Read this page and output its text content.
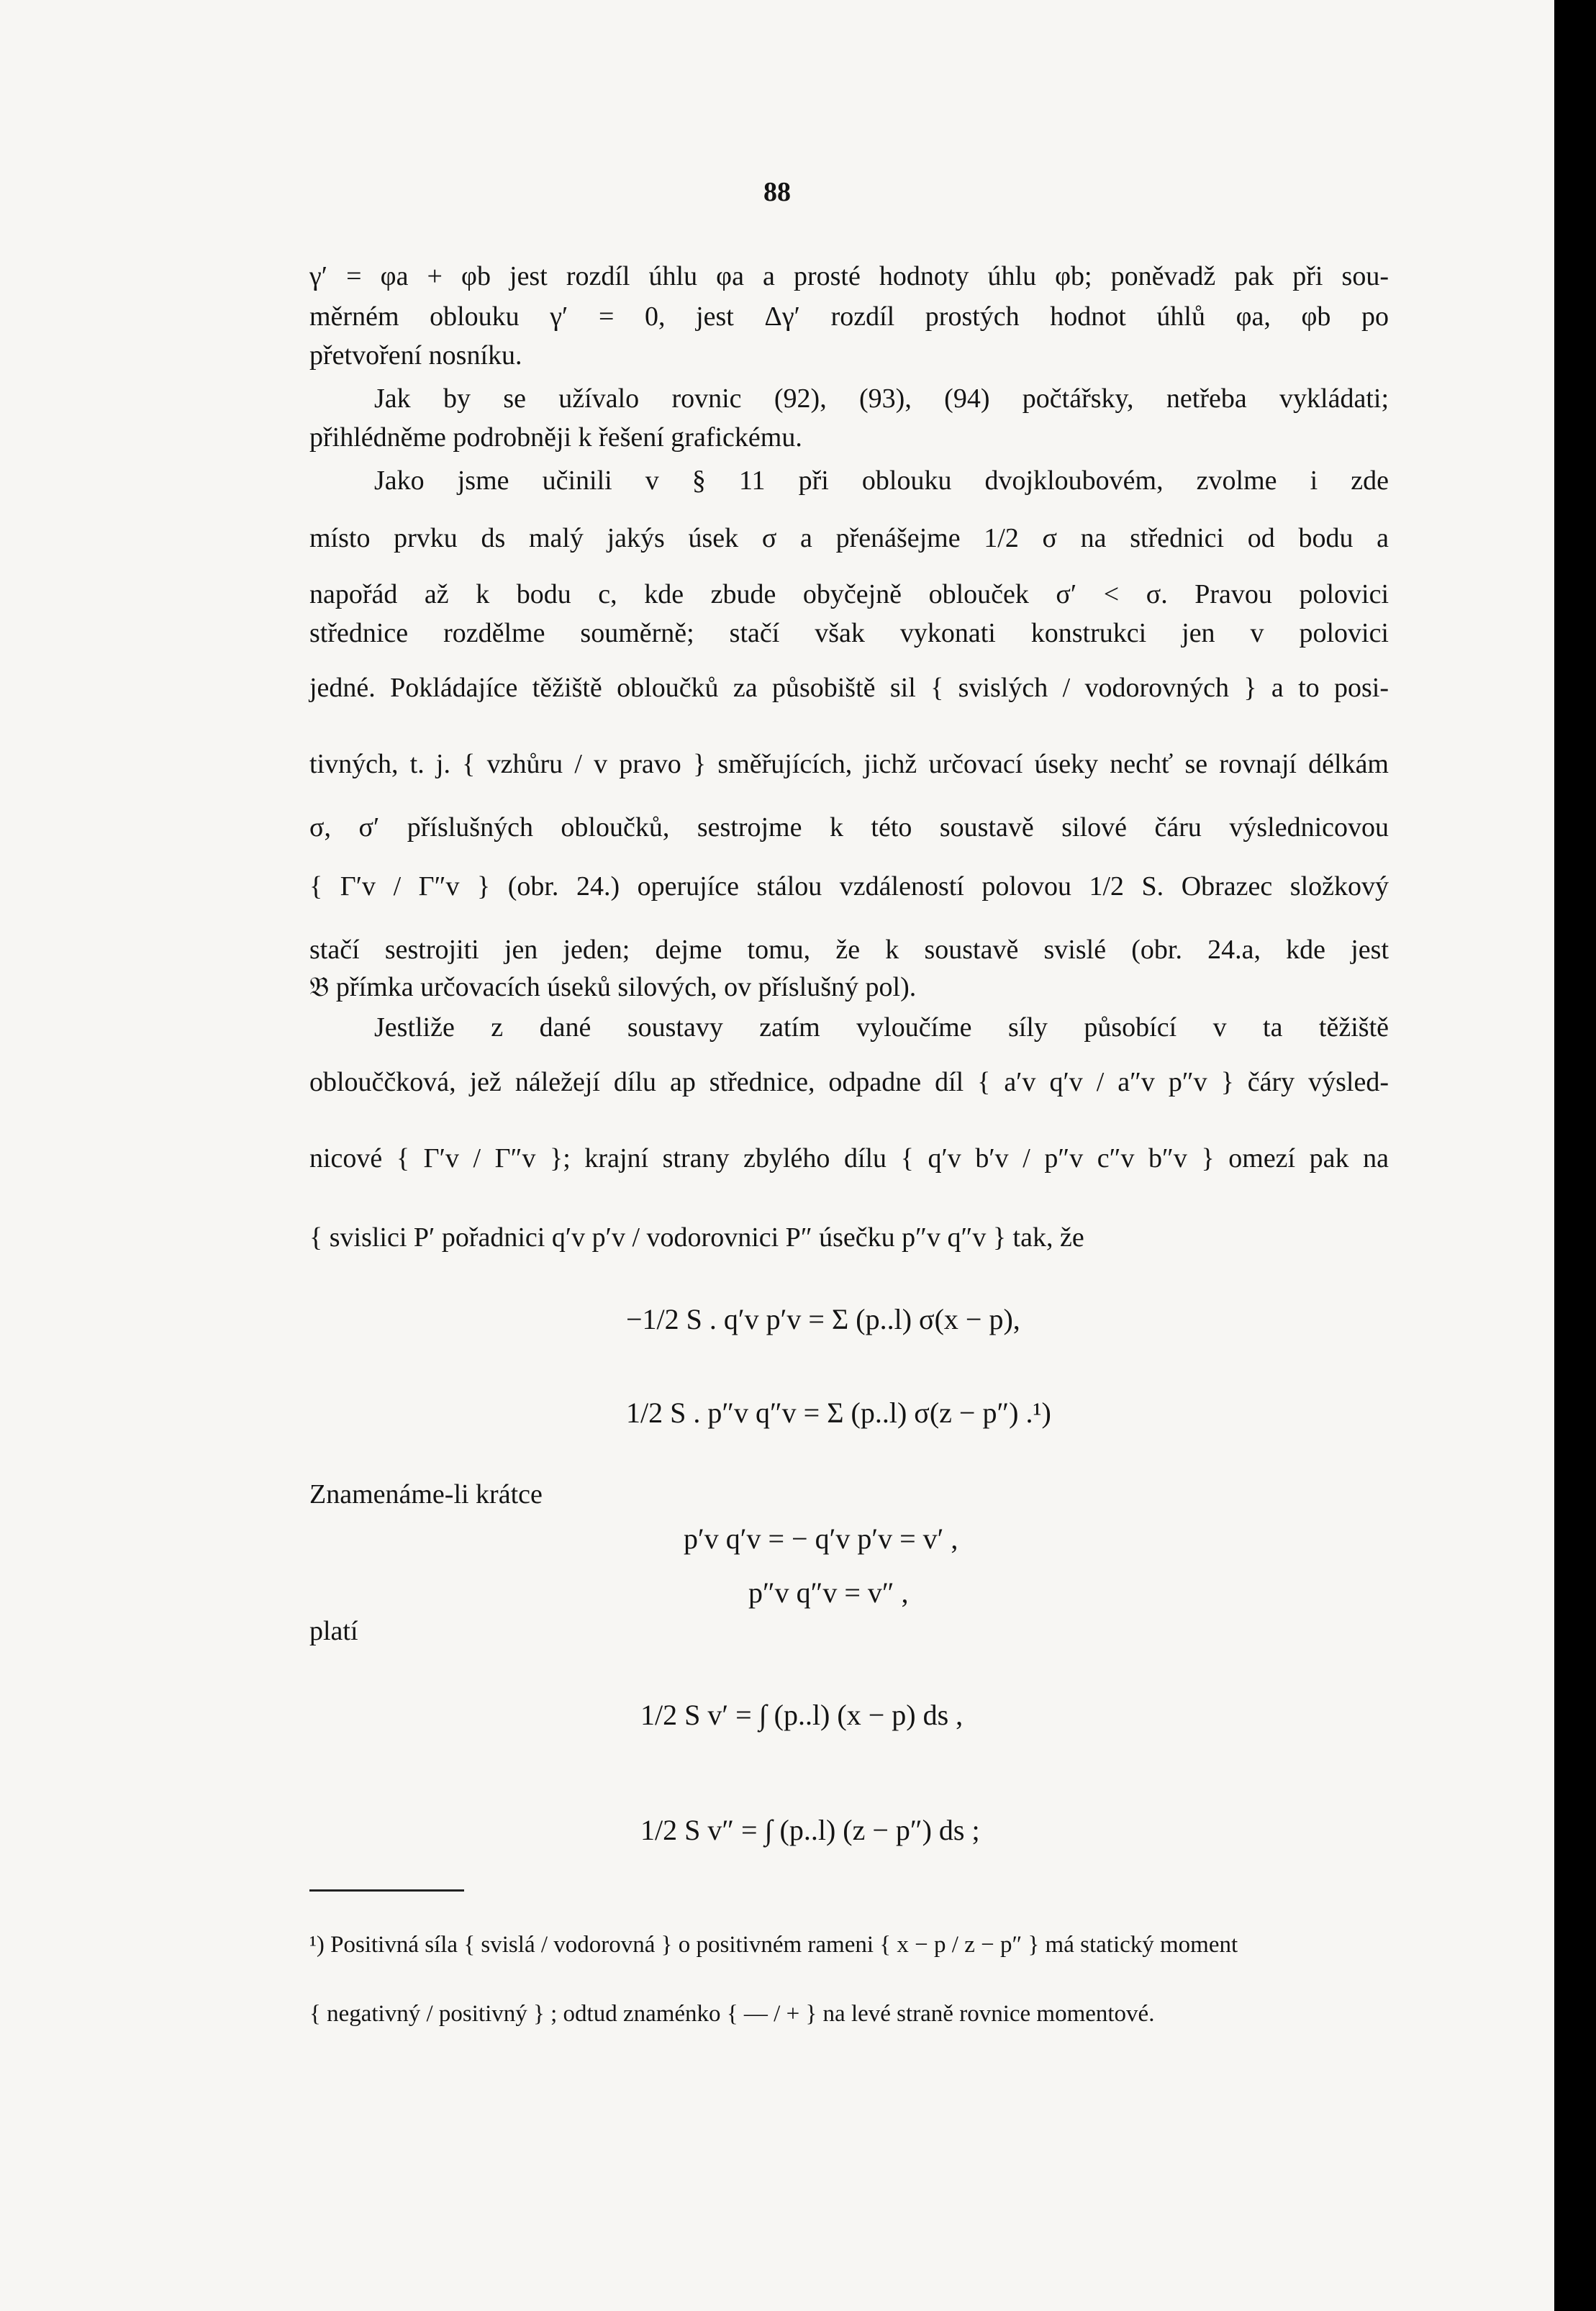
88
γ′ = φa + φb jest rozdíl úhlu φa a prosté hodnoty úhlu φb; poněvadž pak při sou-
měrném oblouku γ′ = 0, jest Δγ′ rozdíl prostých hodnot úhlů φa, φb po
přetvoření nosníku.
Jak by se užívalo rovnic (92), (93), (94) počtářsky, netřeba vykládati;
přihlédněme podrobněji k řešení grafickému.
Jako jsme učinili v § 11 při oblouku dvojkloubovém, zvolme i zde
místo prvku ds malý jakýs úsek σ a přenášejme 1/2 σ na střednici od bodu a
napořád až k bodu c, kde zbude obyčejně oblouček σ′ < σ. Pravou polovici
střednice rozdělme souměrně; stačí však vykonati konstrukci jen v polovici
jedné. Pokládajíce těžiště obloučků za působiště sil { svislých / vodorovných } a to posi-
tivných, t. j. { vzhůru / v pravo } směřujících, jichž určovací úseky nechť se rovnají délkám
σ, σ′ příslušných obloučků, sestrojme k této soustavě silové čáru výslednicovou
{ Γ′v / Γ″v } (obr. 24.) operujíce stálou vzdáleností polovou 1/2 S. Obrazec složkový
stačí sestrojiti jen jeden; dejme tomu, že k soustavě svislé (obr. 24.a, kde jest
𝔅 přímka určovacích úseků silových, ov příslušný pol).
Jestliže z dané soustavy zatím vyloučíme síly působící v ta těžiště
oblouččková, jež náležejí dílu ap střednice, odpadne díl { a′v q′v / a″v p″v } čáry výsled-
nicové { Γ′v / Γ″v }; krajní strany zbylého dílu { q′v b′v / p″v c″v b″v } omezí pak na
{ svislici P′ pořadnici q′v p′v / vodorovnici P″ úsečku p″v q″v } tak, že
−1/2 S . q′v p′v = Σ (p..l) σ(x − p),
1/2 S . p″v q″v = Σ (p..l) σ(z − p″) .¹)
Znamenáme-li krátce
p′v q′v = − q′v p′v = v′ ,
p″v q″v = v″ ,
platí
1/2 S v′ = ∫ (p..l) (x − p) ds ,
1/2 S v″ = ∫ (p..l) (z − p″) ds ;
¹) Positivná síla { svislá / vodorovná } o positivném rameni { x − p / z − p″ } má statický moment
{ negativný / positivný } ; odtud znaménko { — / + } na levé straně rovnice momentové.
